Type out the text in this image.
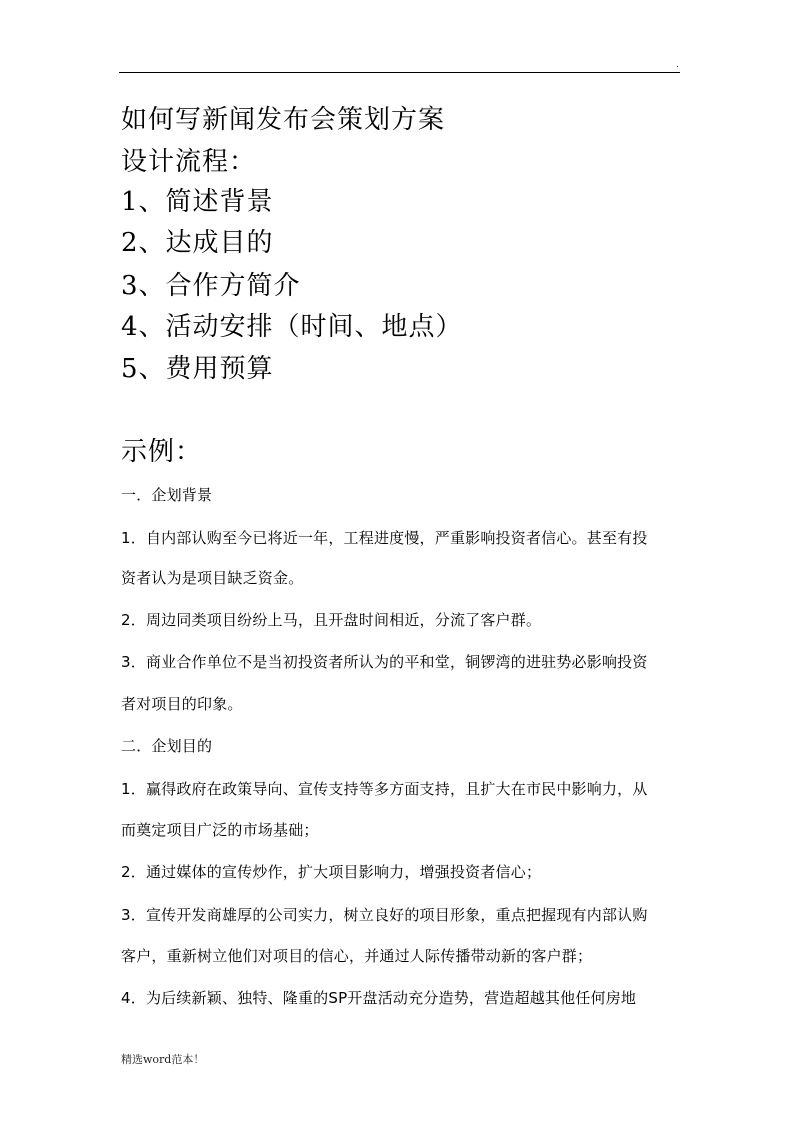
.
如何写新闻发布会策划方案
设计流程：
1、简述背景
2、达成目的
3、合作方简介
4、活动安排（时间、地点）
5、费用预算
示例：
一．企划背景
1．自内部认购至今已将近一年，工程进度慢，严重影响投资者信心。甚至有投
资者认为是项目缺乏资金。
2．周边同类项目纷纷上马，且开盘时间相近，分流了客户群。
3．商业合作单位不是当初投资者所认为的平和堂，铜锣湾的进驻势必影响投资
者对项目的印象。
二．企划目的
1．赢得政府在政策导向、宣传支持等多方面支持，且扩大在市民中影响力，从
而奠定项目广泛的市场基础；
2．通过媒体的宣传炒作，扩大项目影响力，增强投资者信心；
3．宣传开发商雄厚的公司实力，树立良好的项目形象，重点把握现有内部认购
客户，重新树立他们对项目的信心，并通过人际传播带动新的客户群；
4．为后续新颖、独特、隆重的SP开盘活动充分造势，营造超越其他任何房地
精选word范本！
